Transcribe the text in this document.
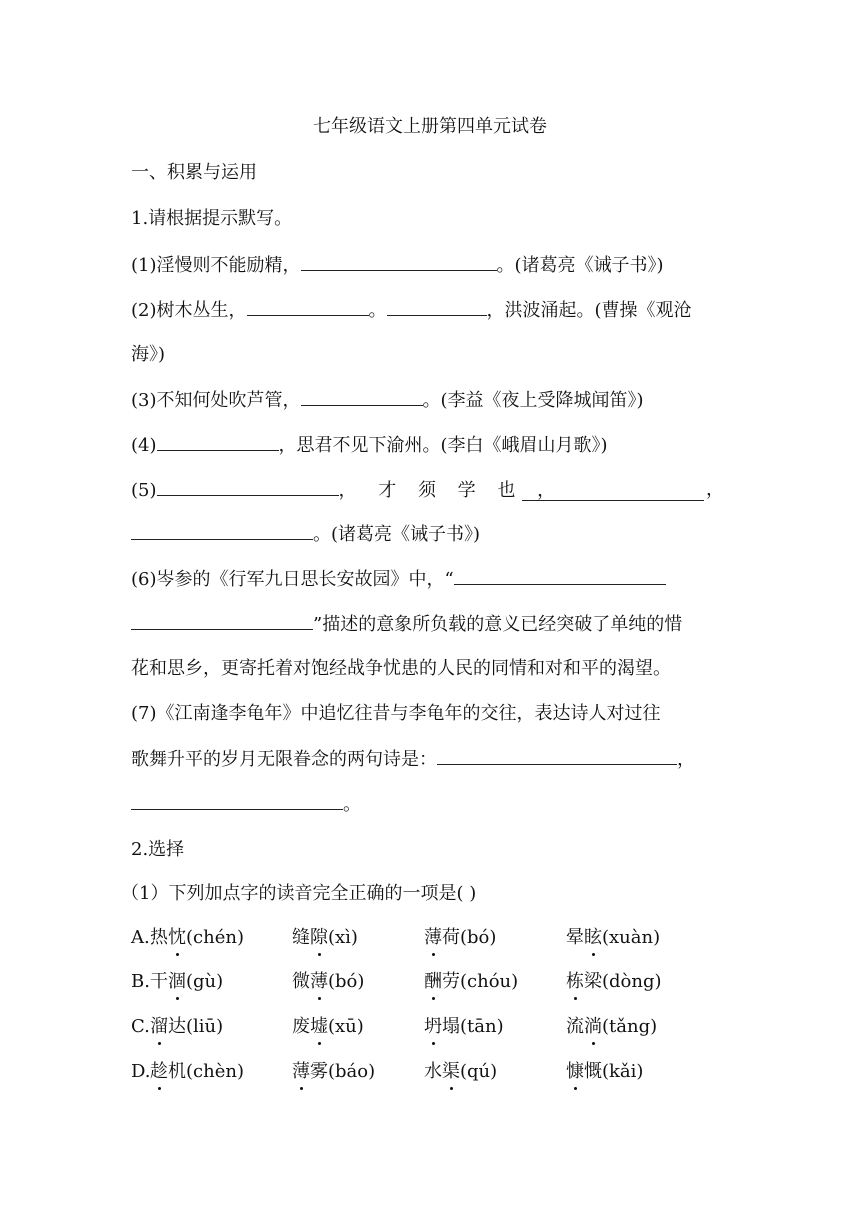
七年级语文上册第四单元试卷
一、积累与运用
1.请根据提示默写。
(1)淫慢则不能励精，	。(诸葛亮《诫子书》)
(2)树木丛生，	。	，洪波涌起。(曹操《观沧
海》)
(3)不知何处吹芦管，	。(李益《夜上受降城闻笛》)
(4)	，思君不见下渝州。(李白《峨眉山月歌》)
(5)	， 才 须 学 也 ，	，
。(诸葛亮《诫子书》)
(6)岑参的《行军九日思长安故园》中，“
”描述的意象所负载的意义已经突破了单纯的惜
花和思乡，更寄托着对饱经战争忧患的人民的同情和对和平的渴望。
(7)《江南逢李龟年》中追忆往昔与李龟年的交往，表达诗人对过往
歌舞升平的岁月无限眷念的两句诗是：	，
。
2.选择
（1）下列加点字的读音完全正确的一项是( )
A. 热忱(chén)	缝隙(xì)	薄荷(bó)	晕眩(xuàn)
B. 干涸(gù)	微薄(bó)	酬劳(chóu)	栋梁(dòng)
C. 溜达(liū)	废墟(xū)	坍塌(tān)	流淌(tǎng)
D. 趁机(chèn)	薄雾(báo)	水渠(qú)	慷慨(kǎi)
